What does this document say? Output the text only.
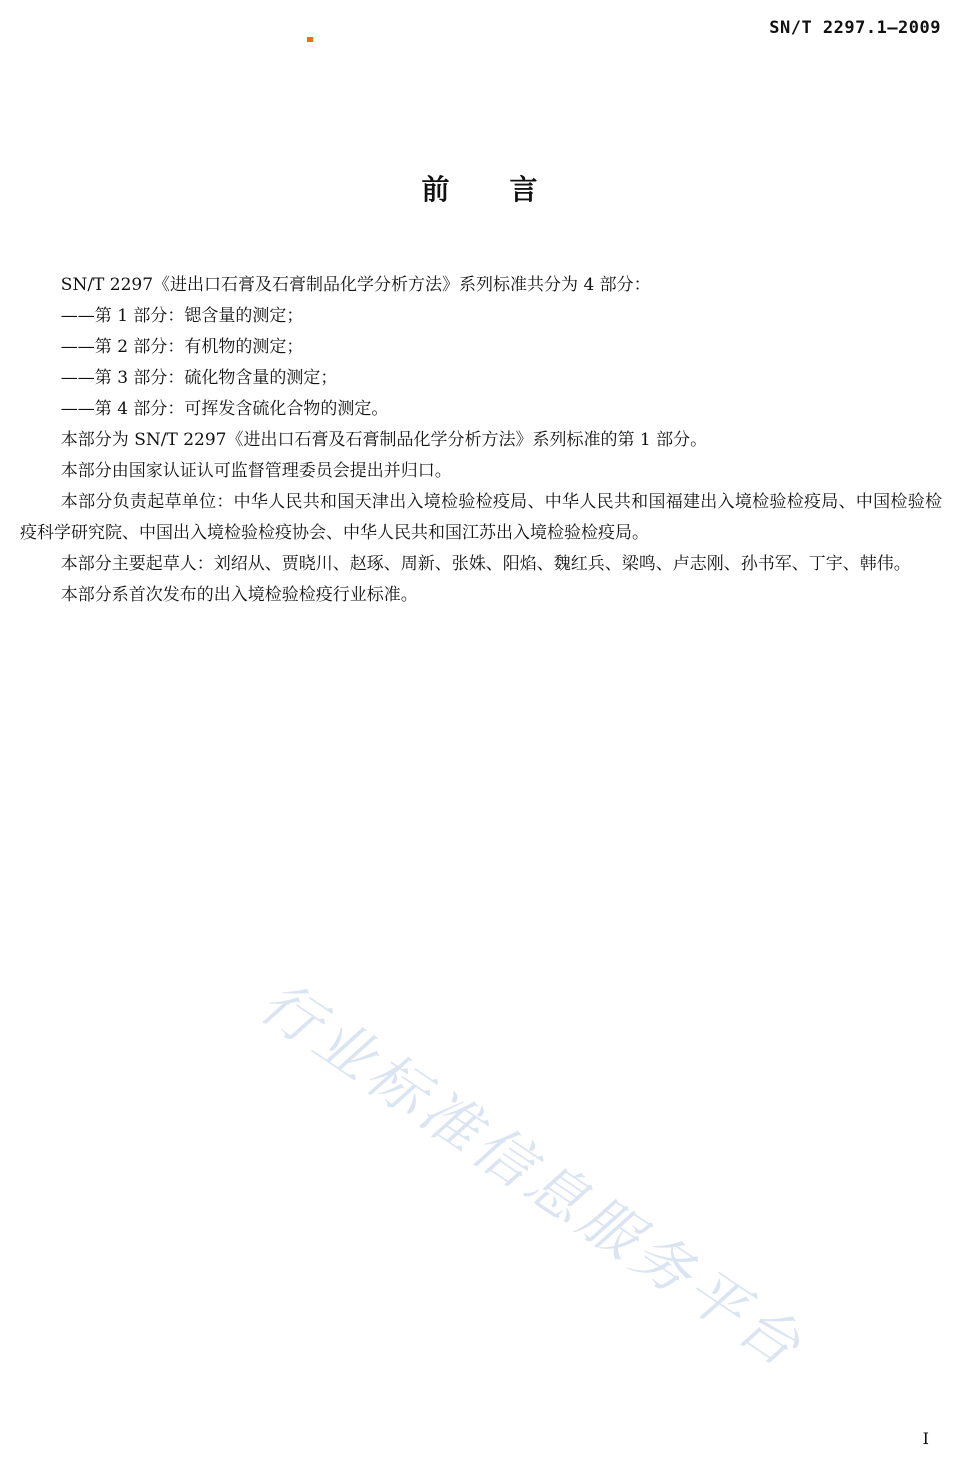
SN/T 2297.1—2009
前 言

SN/T 2297《进出口石膏及石膏制品化学分析方法》系列标准共分为 4 部分：

——第 1 部分：锶含量的测定；

——第 2 部分：有机物的测定；

——第 3 部分：硫化物含量的测定；

——第 4 部分：可挥发含硫化合物的测定。

本部分为 SN/T 2297《进出口石膏及石膏制品化学分析方法》系列标准的第 1 部分。

本部分由国家认证认可监督管理委员会提出并归口。

本部分负责起草单位：中华人民共和国天津出入境检验检疫局、中华人民共和国福建出入境检验检疫局、中国检验检疫科学研究院、中国出入境检验检疫协会、中华人民共和国江苏出入境检验检疫局。

本部分主要起草人：刘绍从、贾晓川、赵琢、周新、张姝、阳焰、魏红兵、梁鸣、卢志刚、孙书军、丁宇、韩伟。

本部分系首次发布的出入境检验检疫行业标准。

行业标准信息服务平台
I
